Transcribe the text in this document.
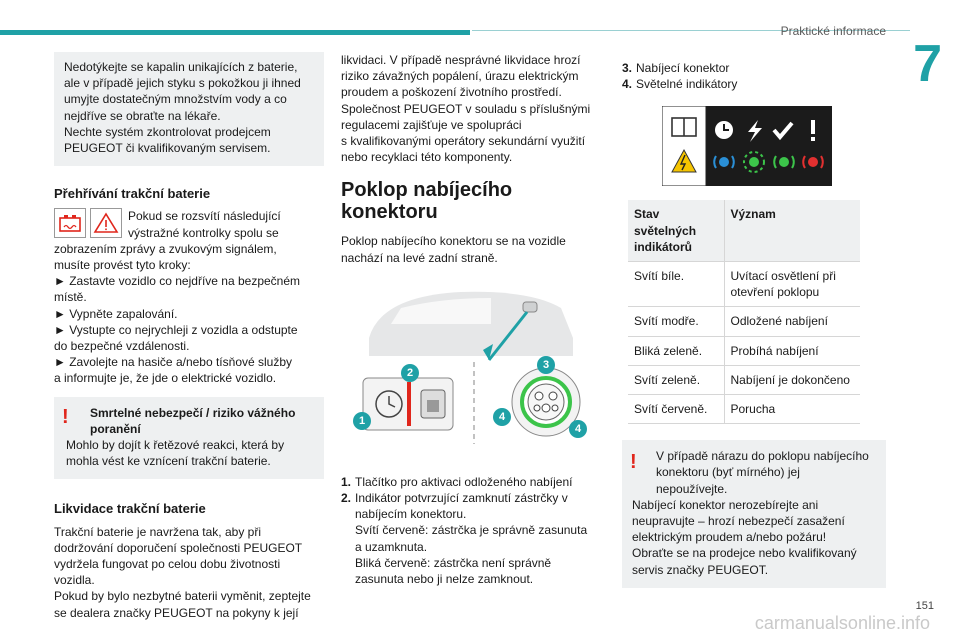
Praktické informace
7
Nedotýkejte se kapalin unikajících z baterie,
ale v případě jejich styku s pokožkou ji ihned
umyjte dostatečným množstvím vody a co
nejdříve se obraťte na lékaře.
Nechte systém zkontrolovat prodejcem
PEUGEOT či kvalifikovaným servisem.
Přehřívání trakční baterie

Pokud se rozsvítí následující

výstražné kontrolky spolu se

zobrazením zprávy a zvukovým signálem,

musíte provést tyto kroky:

► Zastavte vozidlo co nejdříve na bezpečném

místě.

► Vypněte zapalování.

► Vystupte co nejrychleji z vozidla a odstupte

do bezpečné vzdálenosti.

► Zavolejte na hasiče a/nebo tísňové služby

a informujte je, že jde o elektrické vozidlo.

!	Smrtelné nebezpečí / riziko vážného
poranění
Mohlo by dojít k řetězové reakci, která by
mohla vést ke vznícení trakční baterie.
Likvidace trakční baterie

Trakční baterie je navržena tak, aby při

dodržování doporučení společnosti PEUGEOT

vydržela fungovat po celou dobu životnosti

vozidla.

Pokud by bylo nezbytné baterii vyměnit, zeptejte

se dealera značky PEUGEOT na pokyny k její

likvidaci. V případě nesprávné likvidace hrozí

riziko závažných popálení, úrazu elektrickým

proudem a poškození životního prostředí.

Společnost PEUGEOT v souladu s příslušnými

regulacemi zajišťuje ve spolupráci

s kvalifikovanými operátory sekundární využití

nebo recyklaci této komponenty.

Poklop nabíjecího
konektoru

Poklop nabíjecího konektoru se na vozidle

nachází na levé zadní straně.

1
2
3
4
4
1. Tlačítko pro aktivaci odloženého nabíjení
2. Indikátor potvrzující zamknutí zástrčky v
nabíjecím konektoru.
Svítí červeně: zástrčka je správně zasunuta
a uzamknuta.
Bliká červeně: zástrčka není správně
zasunuta nebo ji nelze zamknout.
3. Nabíjecí konektor
4. Světelné indikátory
Stav světelných indikátorů	Význam
Svítí bíle.	Uvítací osvětlení při otevření poklopu
Svítí modře.	Odložené nabíjení
Bliká zeleně.	Probíhá nabíjení
Svítí zeleně.	Nabíjení je dokončeno
Svítí červeně.	Porucha
!	V případě nárazu do poklopu nabíjecího
konektoru (byť mírného) jej nepoužívejte.
Nabíjecí konektor nerozebírejte ani
neupravujte – hrozí nebezpečí zasažení
elektrickým proudem a/nebo požáru!
Obraťte se na prodejce nebo kvalifikovaný
servis značky PEUGEOT.
carmanualsonline.info
151
